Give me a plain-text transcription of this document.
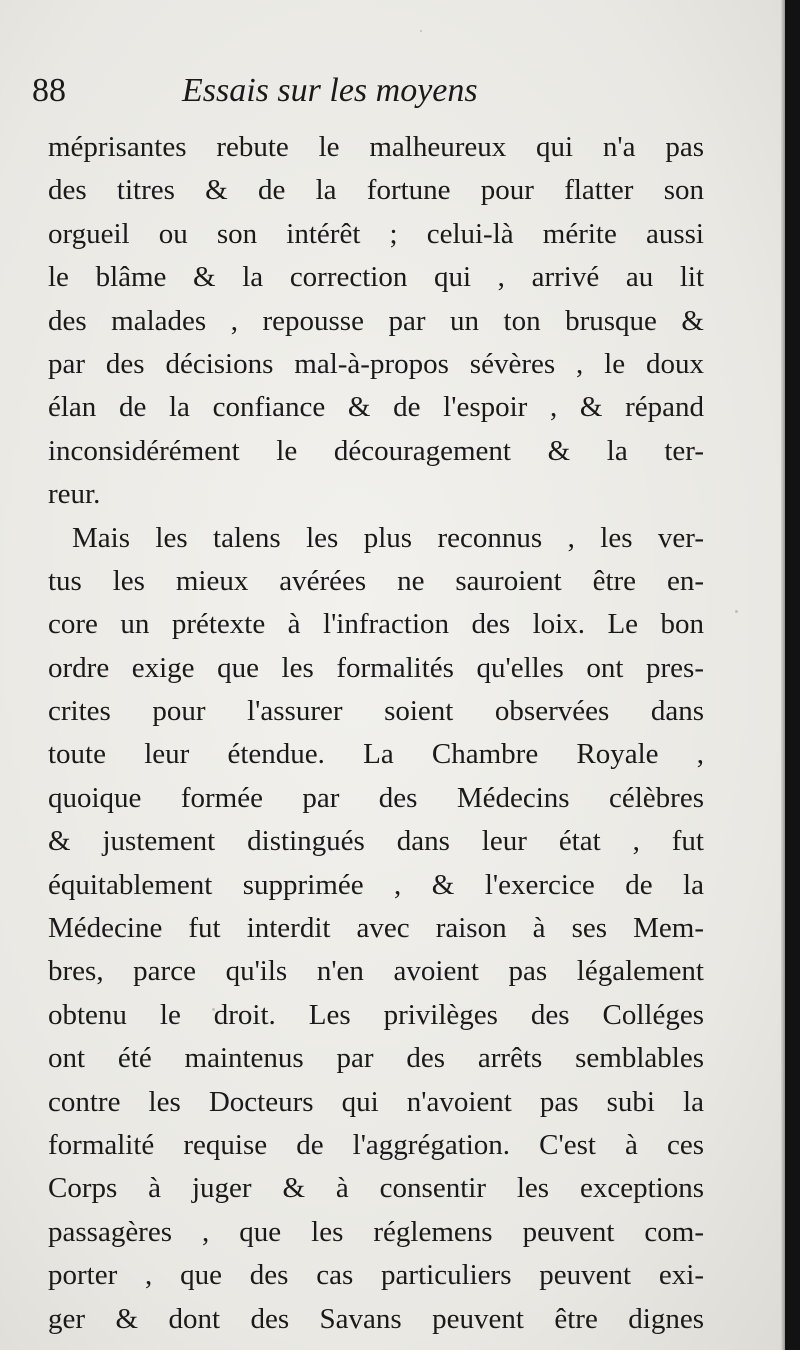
88	Essais sur les moyens
méprisantes rebute le malheureux qui n'a pas
des titres & de la fortune pour flatter son
orgueil ou son intérêt ; celui-là mérite aussi
le blâme & la correction qui , arrivé au lit
des malades , repousse par un ton brusque &
par des décisions mal-à-propos sévères , le doux
élan de la confiance & de l'espoir , & répand
inconsidérément le découragement & la ter-
reur.
Mais les talens les plus reconnus , les ver-
tus les mieux avérées ne sauroient être en-
core un prétexte à l'infraction des loix. Le bon
ordre exige que les formalités qu'elles ont pres-
crites pour l'assurer soient observées dans
toute leur étendue. La Chambre Royale ,
quoique formée par des Médecins célèbres
& justement distingués dans leur état , fut
équitablement supprimée , & l'exercice de la
Médecine fut interdit avec raison à ses Mem-
bres, parce qu'ils n'en avoient pas légalement
obtenu le droit. Les privilèges des Colléges
ont été maintenus par des arrêts semblables
contre les Docteurs qui n'avoient pas subi la
formalité requise de l'aggrégation. C'est à ces
Corps à juger & à consentir les exceptions
passagères , que les réglemens peuvent com-
porter , que des cas particuliers peuvent exi-
ger & dont des Savans peuvent être dignes
